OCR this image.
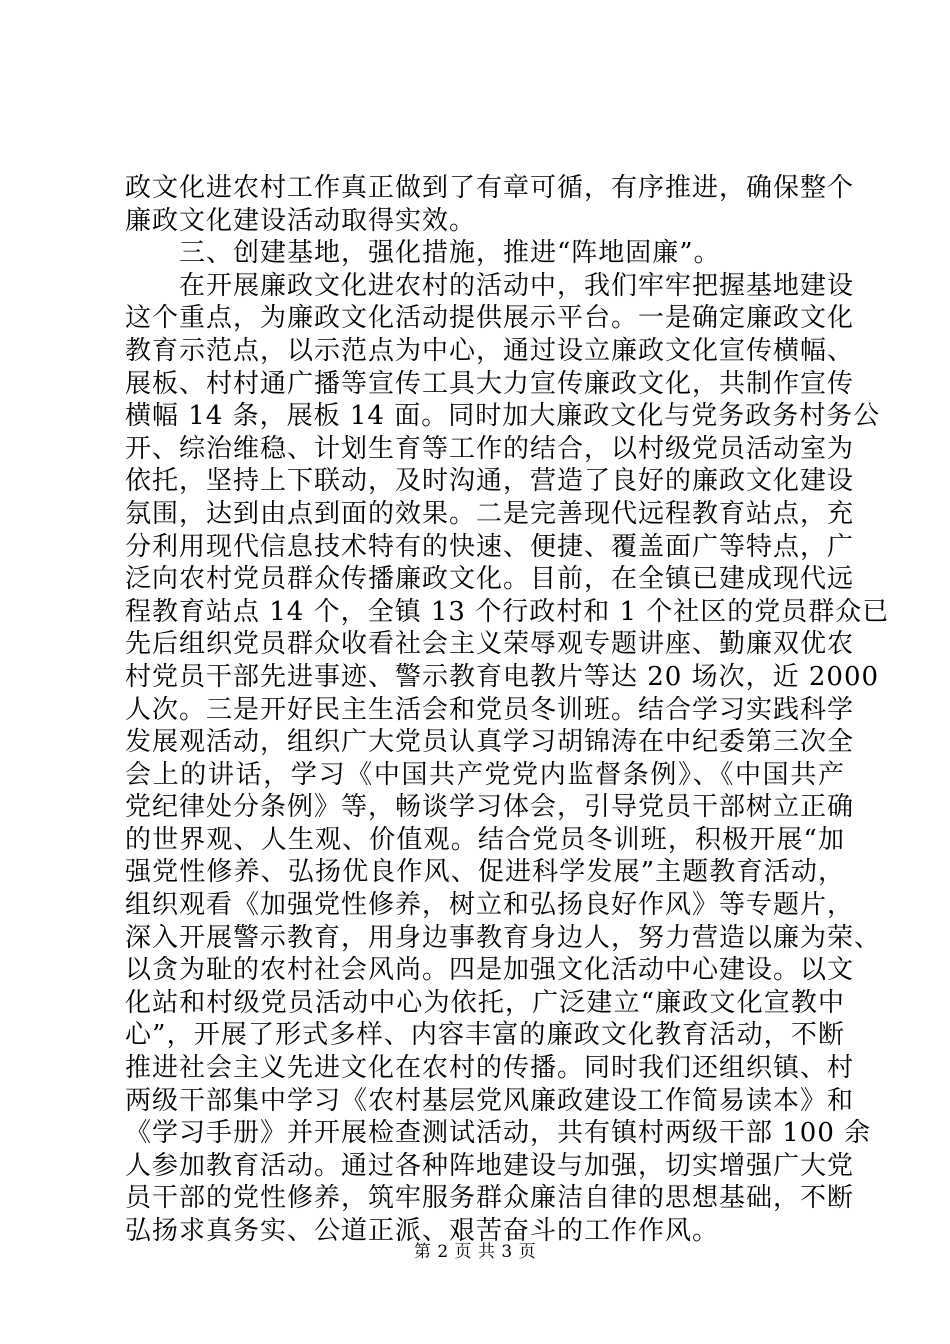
政文化进农村工作真正做到了有章可循，有序推进，确保整个
廉政文化建设活动取得实效。
三、创建基地，强化措施，推进“阵地固廉”。
在开展廉政文化进农村的活动中，我们牢牢把握基地建设
这个重点，为廉政文化活动提供展示平台。一是确定廉政文化
教育示范点，以示范点为中心，通过设立廉政文化宣传横幅、
展板、村村通广播等宣传工具大力宣传廉政文化，共制作宣传
横幅 14 条，展板 14 面。同时加大廉政文化与党务政务村务公
开、综治维稳、计划生育等工作的结合，以村级党员活动室为
依托，坚持上下联动，及时沟通，营造了良好的廉政文化建设
氛围，达到由点到面的效果。二是完善现代远程教育站点，充
分利用现代信息技术特有的快速、便捷、覆盖面广等特点，广
泛向农村党员群众传播廉政文化。目前，在全镇已建成现代远
程教育站点 14 个，全镇 13 个行政村和 1 个社区的党员群众已
先后组织党员群众收看社会主义荣辱观专题讲座、勤廉双优农
村党员干部先进事迹、警示教育电教片等达 20 场次，近 2000
人次。三是开好民主生活会和党员冬训班。结合学习实践科学
发展观活动，组织广大党员认真学习胡锦涛在中纪委第三次全
会上的讲话，学习《中国共产党党内监督条例》、《中国共产
党纪律处分条例》等，畅谈学习体会，引导党员干部树立正确
的世界观、人生观、价值观。结合党员冬训班，积极开展“加
强党性修养、弘扬优良作风、促进科学发展”主题教育活动，
组织观看《加强党性修养，树立和弘扬良好作风》等专题片，
深入开展警示教育，用身边事教育身边人，努力营造以廉为荣、
以贪为耻的农村社会风尚。四是加强文化活动中心建设。以文
化站和村级党员活动中心为依托，广泛建立“廉政文化宣教中
心”，开展了形式多样、内容丰富的廉政文化教育活动，不断
推进社会主义先进文化在农村的传播。同时我们还组织镇、村
两级干部集中学习《农村基层党风廉政建设工作简易读本》和
《学习手册》并开展检查测试活动，共有镇村两级干部 100 余
人参加教育活动。通过各种阵地建设与加强，切实增强广大党
员干部的党性修养，筑牢服务群众廉洁自律的思想基础，不断
弘扬求真务实、公道正派、艰苦奋斗的工作作风。
第 2 页 共 3 页
